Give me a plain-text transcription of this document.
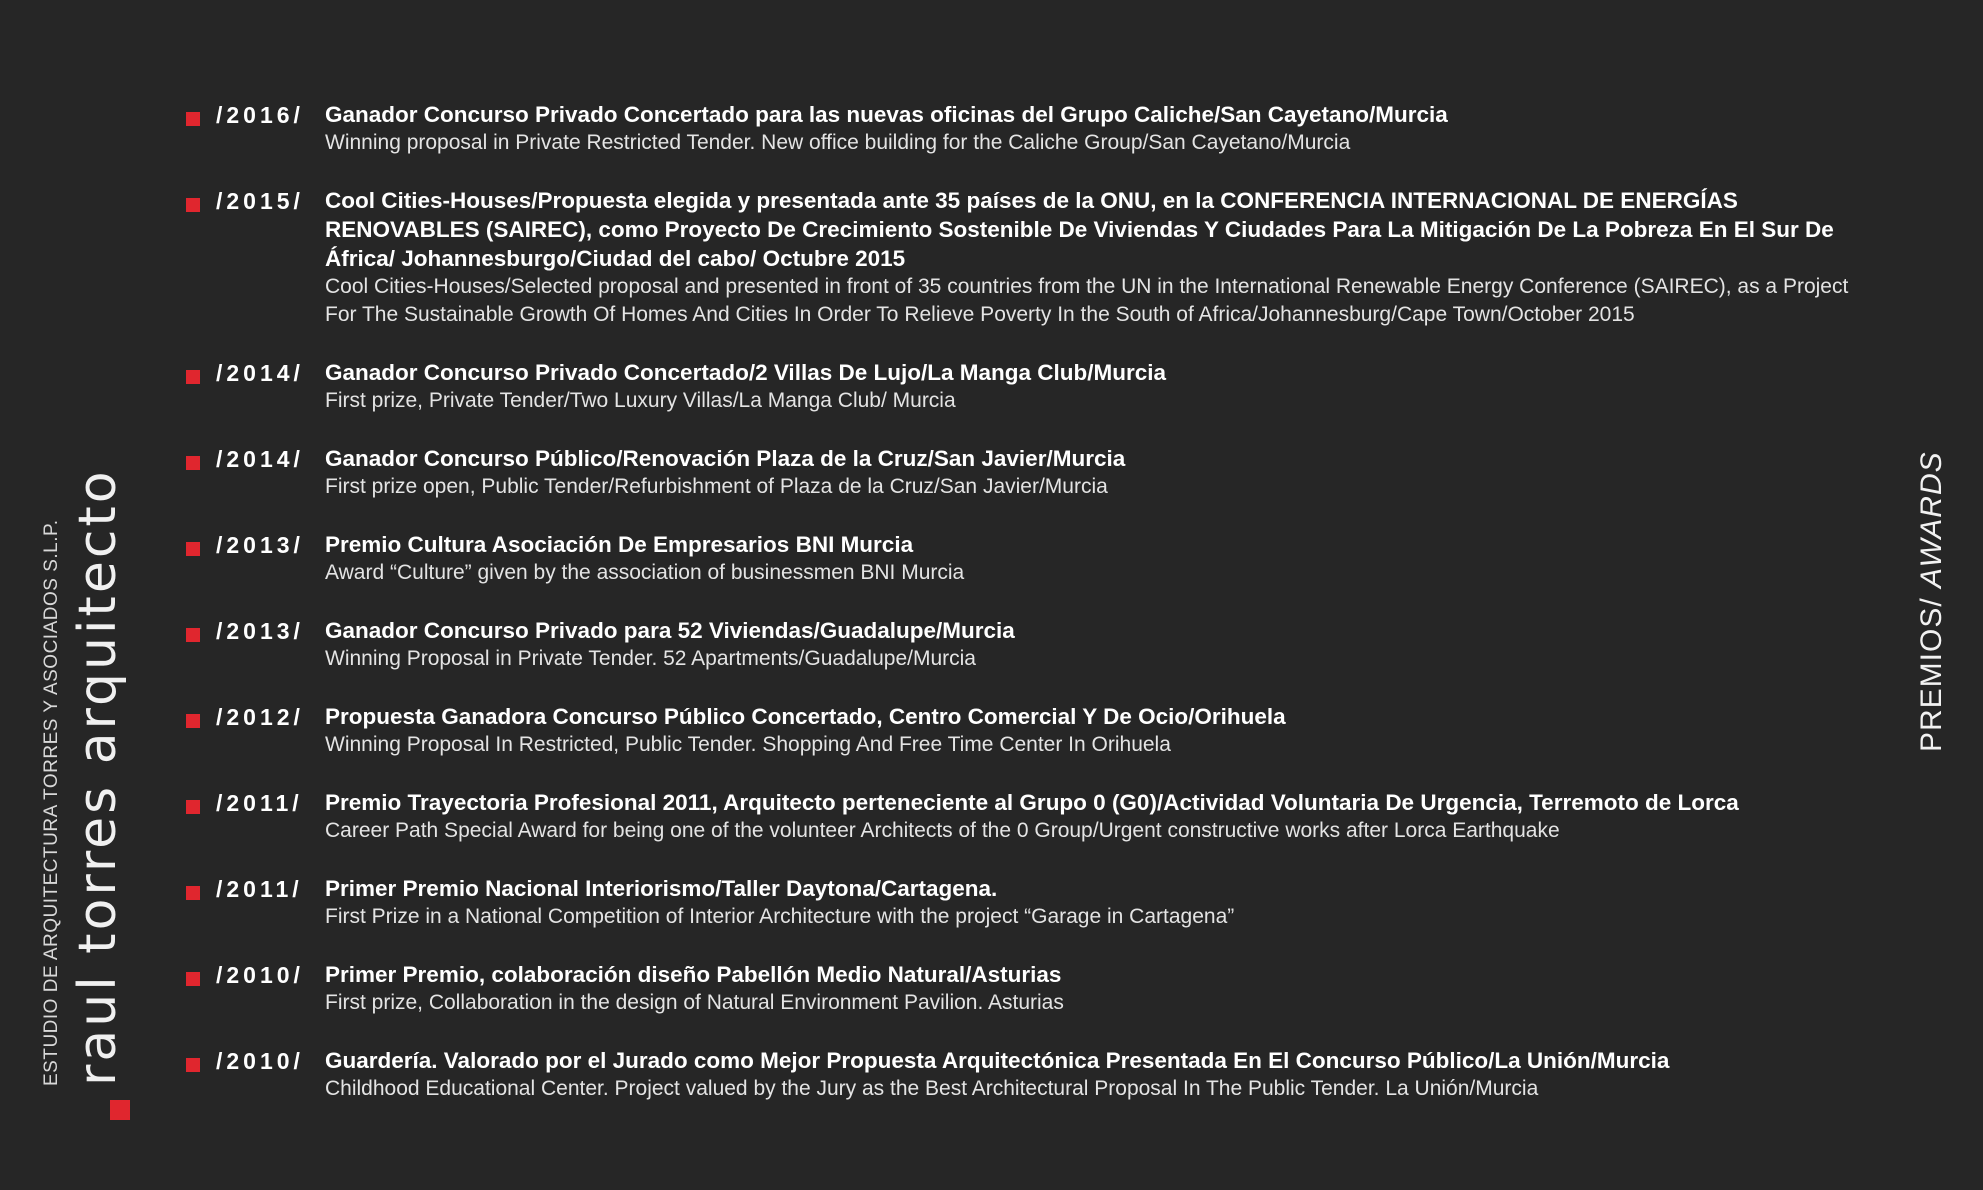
/2016/ Ganador Concurso Privado Concertado para las nuevas oficinas del Grupo Caliche/San Cayetano/Murcia

Winning proposal in Private Restricted Tender. New office building for the Caliche Group/San Cayetano/Murcia

/2015/ Cool Cities-Houses/Propuesta elegida y presentada ante 35 países de la ONU, en la CONFERENCIA INTERNACIONAL DE ENERGÍAS RENOVABLES (SAIREC), como Proyecto De Crecimiento Sostenible De Viviendas Y Ciudades Para La Mitigación De La Pobreza En El Sur De África/ Johannesburgo/Ciudad del cabo/ Octubre 2015

Cool Cities-Houses/Selected proposal and presented in front of 35 countries from the UN in the International Renewable Energy Conference (SAIREC), as a Project For The Sustainable Growth Of Homes And Cities In Order To Relieve Poverty In the South of Africa/Johannesburg/Cape Town/October 2015

/2014/ Ganador Concurso Privado Concertado/2 Villas De Lujo/La Manga Club/Murcia

First prize, Private Tender/Two Luxury Villas/La Manga Club/ Murcia

/2014/ Ganador Concurso Público/Renovación Plaza de la Cruz/San Javier/Murcia

First prize open, Public Tender/Refurbishment of Plaza de la Cruz/San Javier/Murcia

/2013/ Premio Cultura Asociación De Empresarios BNI Murcia

Award “Culture” given by the association of businessmen BNI Murcia

/2013/ Ganador Concurso Privado para 52 Viviendas/Guadalupe/Murcia

Winning Proposal in Private Tender. 52 Apartments/Guadalupe/Murcia

/2012/ Propuesta Ganadora Concurso Público Concertado, Centro Comercial Y De Ocio/Orihuela

Winning Proposal In Restricted, Public Tender. Shopping And Free Time Center In Orihuela

/2011/ Premio Trayectoria Profesional 2011, Arquitecto perteneciente al Grupo 0 (G0)/Actividad Voluntaria De Urgencia, Terremoto de Lorca

Career Path Special Award for being one of the volunteer Architects of the 0 Group/Urgent constructive works after Lorca Earthquake

/2011/ Primer Premio Nacional Interiorismo/Taller Daytona/Cartagena.

First Prize in a National Competition of Interior Architecture with the project “Garage in Cartagena”

/2010/ Primer Premio, colaboración diseño Pabellón Medio Natural/Asturias

First prize, Collaboration in the design of Natural Environment Pavilion. Asturias

/2010/ Guardería. Valorado por el Jurado como Mejor Propuesta Arquitectónica Presentada En El Concurso Público/La Unión/Murcia

Childhood Educational Center. Project valued by the Jury as the Best Architectural Proposal In The Public Tender. La Unión/Murcia

raul torres arquitecto
ESTUDIO DE ARQUITECTURA TORRES Y ASOCIADOS S.L.P.	PREMIOS/ AWARDS
